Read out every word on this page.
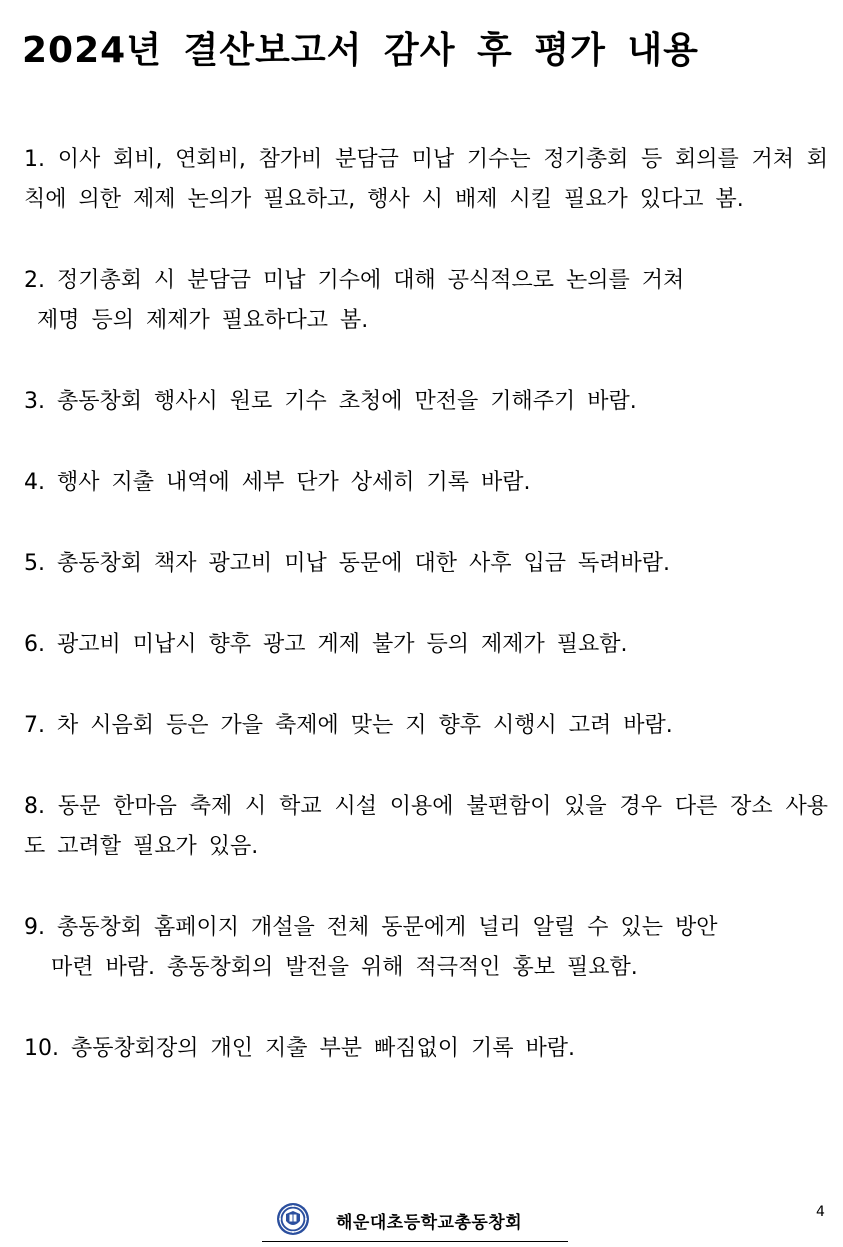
2024년 결산보고서 감사 후 평가 내용

1. 이사 회비, 연회비, 참가비 분담금 미납 기수는 정기총회 등 회의를 거쳐 회칙에 의한 제제 논의가 필요하고, 행사 시 배제 시킬 필요가 있다고 봄.

2. 정기총회 시 분담금 미납 기수에 대해 공식적으로 논의를 거쳐
제명 등의 제제가 필요하다고 봄.

3. 총동창회 행사시 원로 기수 초청에 만전을 기해주기 바람.

4. 행사 지출 내역에 세부 단가 상세히 기록 바람.

5. 총동창회 책자 광고비 미납 동문에 대한 사후 입금 독려바람.

6. 광고비 미납시 향후 광고 게제 불가 등의 제제가 필요함.

7. 차 시음회 등은 가을 축제에 맞는 지 향후 시행시 고려 바람.

8. 동문 한마음 축제 시 학교 시설 이용에 불편함이 있을 경우 다른 장소 사용도 고려할 필요가 있음.

9. 총동창회 홈페이지 개설을 전체 동문에게 널리 알릴 수 있는 방안
마련 바람. 총동창회의 발전을 위해 적극적인 홍보 필요함.

10. 총동창회장의 개인 지출 부분 빠짐없이 기록 바람.

해운대초등학교총동창회
4
